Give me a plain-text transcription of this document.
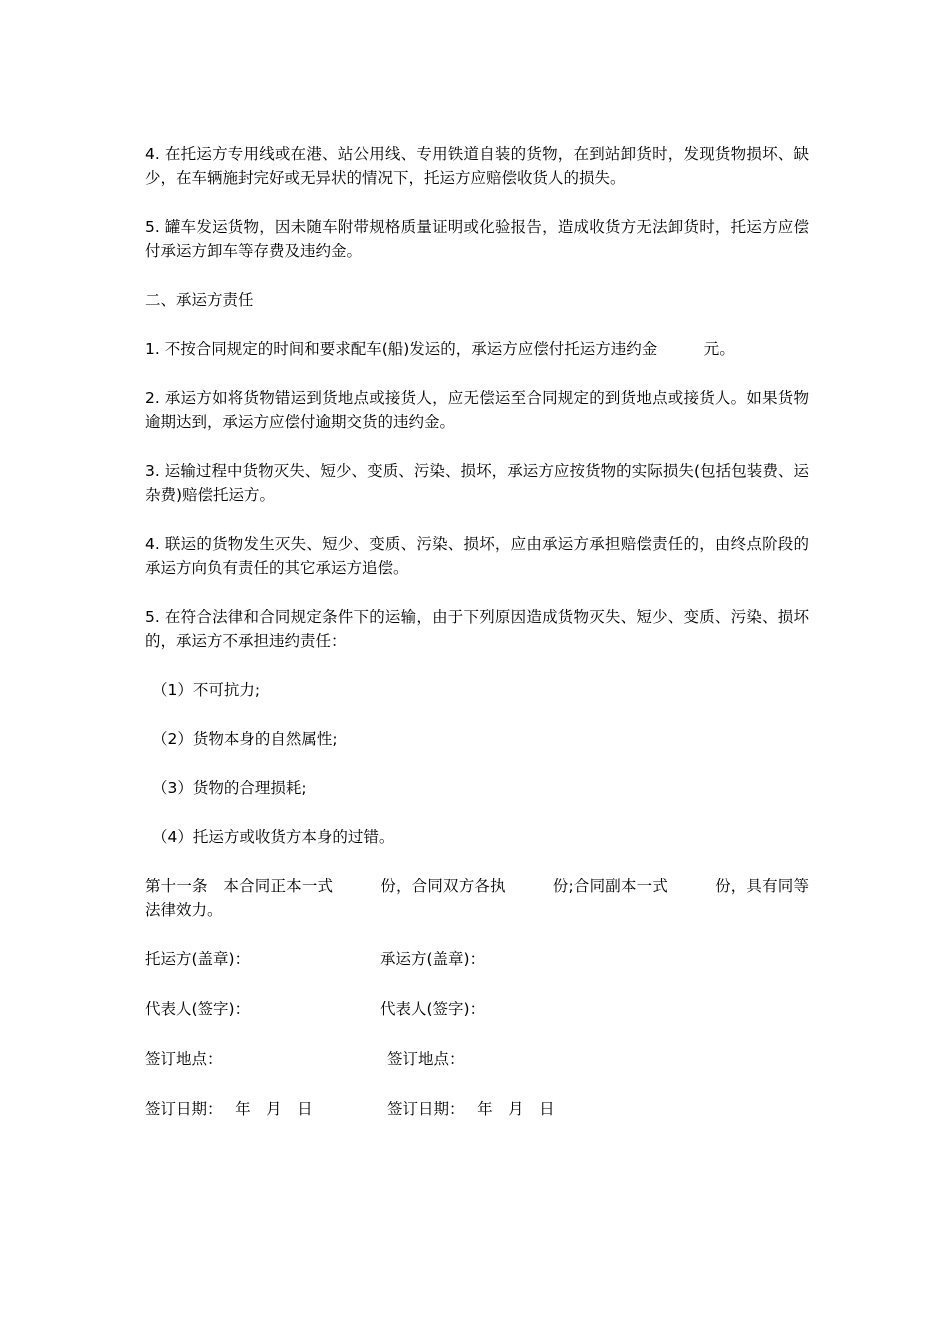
4. 在托运方专用线或在港、站公用线、专用铁道自装的货物，在到站卸货时，发现货物损坏、缺少，在车辆施封完好或无异状的情况下，托运方应赔偿收货人的损失。

5. 罐车发运货物，因未随车附带规格质量证明或化验报告，造成收货方无法卸货时，托运方应偿付承运方卸车等存费及违约金。

二、承运方责任

1. 不按合同规定的时间和要求配车(船)发运的，承运方应偿付托运方违约金　　　元。

2. 承运方如将货物错运到货地点或接货人，应无偿运至合同规定的到货地点或接货人。如果货物逾期达到，承运方应偿付逾期交货的违约金。

3. 运输过程中货物灭失、短少、变质、污染、损坏，承运方应按货物的实际损失(包括包装费、运杂费)赔偿托运方。

4. 联运的货物发生灭失、短少、变质、污染、损坏，应由承运方承担赔偿责任的，由终点阶段的承运方向负有责任的其它承运方追偿。

5. 在符合法律和合同规定条件下的运输，由于下列原因造成货物灭失、短少、变质、污染、损坏的，承运方不承担违约责任：

（1）不可抗力;

（2）货物本身的自然属性;

（3）货物的合理损耗;

（4）托运方或收货方本身的过错。

第十一条　本合同正本一式　　　份，合同双方各执　　　份;合同副本一式　　　份，具有同等法律效力。

托运方(盖章)：	承运方(盖章)：
代表人(签字)：	代表人(签字)：
签订地点：	签订地点：
签订日期：　 年　月　日	签订日期：　 年　月　日
